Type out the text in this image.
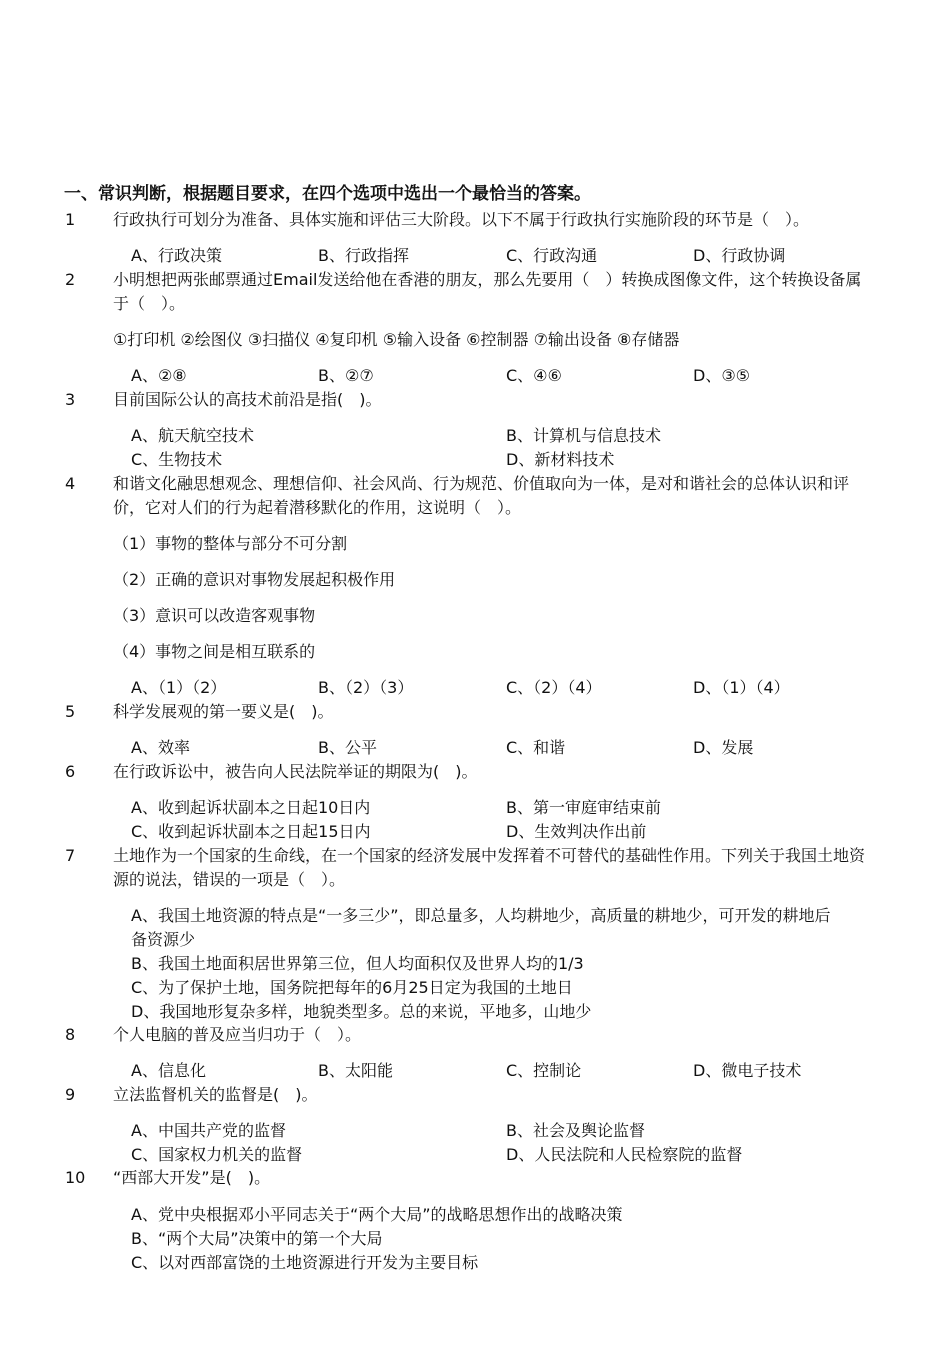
一、常识判断，根据题目要求，在四个选项中选出一个最恰当的答案。
1 行政执行可划分为准备、具体实施和评估三大阶段。以下不属于行政执行实施阶段的环节是（　）。
A、行政决策	B、行政指挥	C、行政沟通	D、行政协调
2 小明想把两张邮票通过Email发送给他在香港的朋友，那么先要用（　）转换成图像文件，这个转换设备属于（　）。
①打印机 ②绘图仪 ③扫描仪 ④复印机 ⑤输入设备 ⑥控制器 ⑦输出设备 ⑧存储器
A、②⑧	B、②⑦	C、④⑥	D、③⑤
3 目前国际公认的高技术前沿是指(　)。
A、航天航空技术	B、计算机与信息技术
C、生物技术	D、新材料技术
4 和谐文化融思想观念、理想信仰、社会风尚、行为规范、价值取向为一体，是对和谐社会的总体认识和评价，它对人们的行为起着潜移默化的作用，这说明（　）。
（1）事物的整体与部分不可分割
（2）正确的意识对事物发展起积极作用
（3）意识可以改造客观事物
（4）事物之间是相互联系的
A、（1）（2）	B、（2）（3）	C、（2）（4）	D、（1）（4）
5 科学发展观的第一要义是(　)。
A、效率	B、公平	C、和谐	D、发展
6 在行政诉讼中，被告向人民法院举证的期限为(　)。
A、收到起诉状副本之日起10日内	B、第一审庭审结束前
C、收到起诉状副本之日起15日内	D、生效判决作出前
7 土地作为一个国家的生命线，在一个国家的经济发展中发挥着不可替代的基础性作用。下列关于我国土地资源的说法，错误的一项是（　）。
A、我国土地资源的特点是“一多三少”，即总量多，人均耕地少，高质量的耕地少，可开发的耕地后备资源少
B、我国土地面积居世界第三位，但人均面积仅及世界人均的1/3
C、为了保护土地，国务院把每年的6月25日定为我国的土地日
D、我国地形复杂多样，地貌类型多。总的来说，平地多，山地少
8 个人电脑的普及应当归功于（　）。
A、信息化	B、太阳能	C、控制论	D、微电子技术
9 立法监督机关的监督是(　)。
A、中国共产党的监督	B、社会及舆论监督
C、国家权力机关的监督	D、人民法院和人民检察院的监督
10 “西部大开发”是(　)。
A、党中央根据邓小平同志关于“两个大局”的战略思想作出的战略决策
B、“两个大局”决策中的第一个大局
C、以对西部富饶的土地资源进行开发为主要目标
